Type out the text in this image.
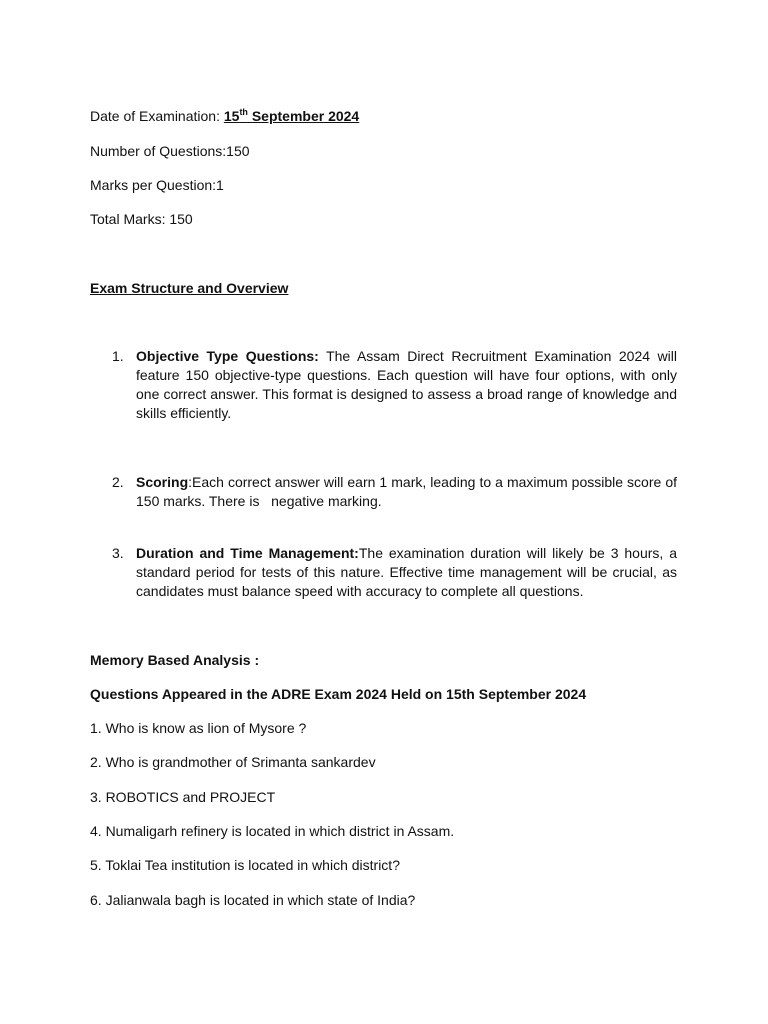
Date of Examination: 15th September 2024
Number of Questions:150
Marks per Question:1
Total Marks: 150
Exam Structure and Overview
1. Objective Type Questions: The Assam Direct Recruitment Examination 2024 will feature 150 objective-type questions. Each question will have four options, with only one correct answer. This format is designed to assess a broad range of knowledge and skills efficiently.
2. Scoring:Each correct answer will earn 1 mark, leading to a maximum possible score of 150 marks. There is   negative marking.
3. Duration and Time Management:The examination duration will likely be 3 hours, a standard period for tests of this nature. Effective time management will be crucial, as candidates must balance speed with accuracy to complete all questions.
Memory Based Analysis :
Questions Appeared in the ADRE Exam 2024 Held on 15th September 2024
1. Who is know as lion of Mysore ?
2. Who is grandmother of Srimanta sankardev
3. ROBOTICS and PROJECT
4. Numaligarh refinery is located in which district in Assam.
5. Toklai Tea institution is located in which district?
6. Jalianwala bagh is located in which state of India?
